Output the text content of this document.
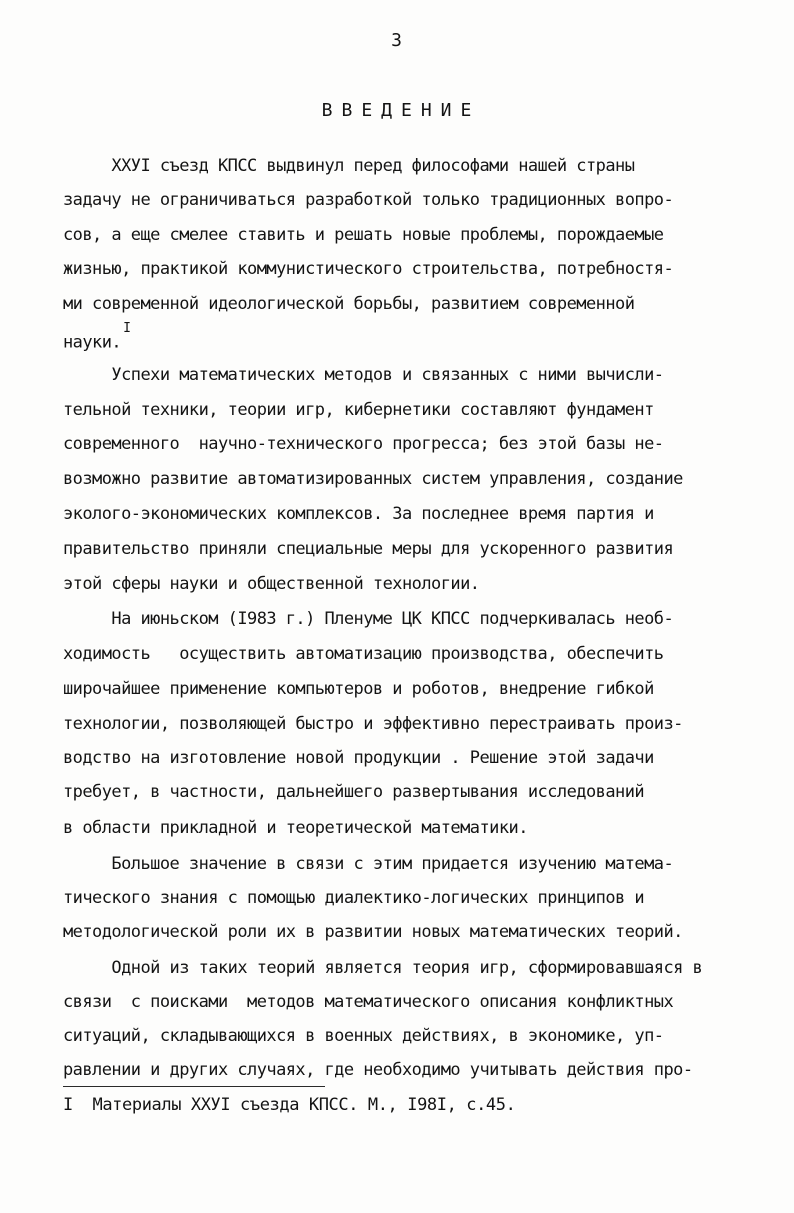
3
ВВЕДЕНИЕ
ХХУI съезд КПСС выдвинул перед философами нашей страны
задачу не ограничиваться разработкой только традиционных вопро-
сов, а еще смелее ставить и решать новые проблемы, порождаемые
жизнью, практикой коммунистического строительства, потребностя-
ми современной идеологической борьбы, развитием современной
науки.$^I$
Успехи математических методов и связанных с ними вычисли-
тельной техники, теории игр, кибернетики составляют фундамент
современного  научно-технического прогресса; без этой базы не-
возможно развитие автоматизированных систем управления, создание
эколого-экономических комплексов. За последнее время партия и
правительство приняли специальные меры для ускоренного развития
этой сферы науки и общественной технологии.
На июньском (I983 г.) Пленуме ЦК КПСС подчеркивалась необ-
ходимость   осуществить автоматизацию производства, обеспечить
широчайшее применение компьютеров и роботов, внедрение гибкой
технологии, позволяющей быстро и эффективно перестраивать произ-
водство на изготовление новой продукции . Решение этой задачи
требует, в частности, дальнейшего развертывания исследований
в области прикладной и теоретической математики.
Большое значение в связи с этим придается изучению матема-
тического знания с помощью диалектико-логических принципов и
методологической роли их в развитии новых математических теорий.
Одной из таких теорий является теория игр, сформировавшаяся в
связи  с поисками  методов математического описания конфликтных
ситуаций, складывающихся в военных действиях, в экономике, уп-
равлении и других случаях, где необходимо учитывать действия про-
I Материалы ХХУI съезда КПСС. М., I98I, с.45.
